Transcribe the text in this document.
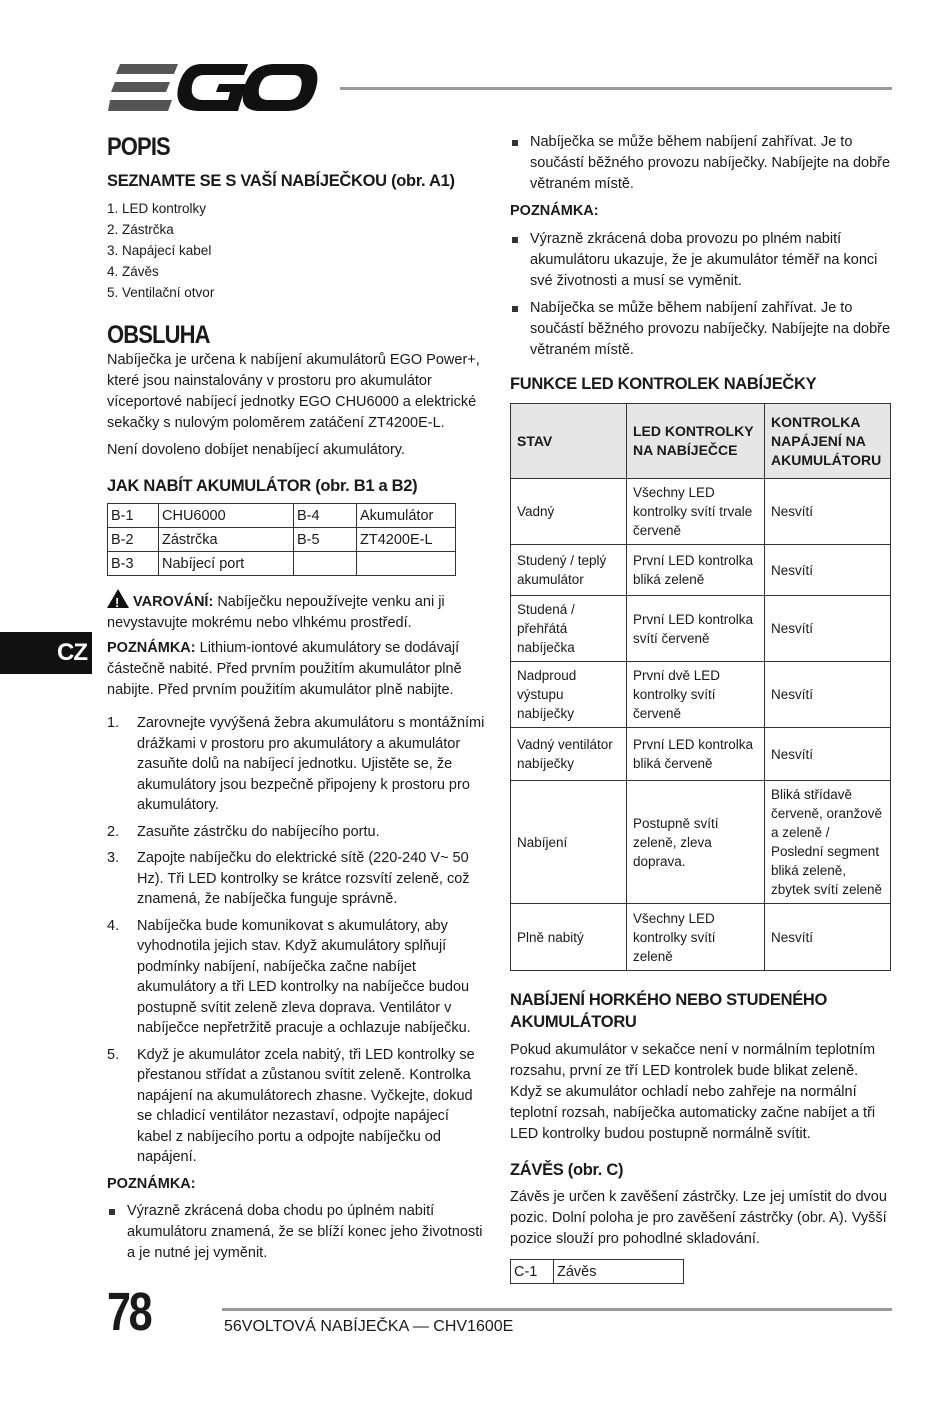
CZ
POPIS
SEZNAMTE SE S VAŠÍ NABÍJEČKOU (obr. A1)
1. LED kontrolky
2. Zástrčka
3. Napájecí kabel
4. Závěs
5. Ventilační otvor
OBSLUHA

Nabíječka je určena k nabíjení akumulátorů EGO Power+, které jsou nainstalovány v prostoru pro akumulátor víceportové nabíjecí jednotky EGO CHU6000 a elektrické sekačky s nulovým poloměrem zatáčení ZT4200E-L.

Není dovoleno dobíjet nenabíjecí akumulátory.

JAK NABÍT AKUMULÁTOR (obr. B1 a B2)
B-1	CHU6000	B-4	Akumulátor
B-2	Zástrčka	B-5	ZT4200E-L
B-3	Nabíjecí port		

!VAROVÁNÍ: Nabíječku nepoužívejte venku ani ji nevystavujte mokrému nebo vlhkému prostředí.

POZNÁMKA: Lithium-iontové akumulátory se dodávají částečně nabité. Před prvním použitím akumulátor plně nabijte. Před prvním použitím akumulátor plně nabijte.

1. Zarovnejte vyvýšená žebra akumulátoru s montážními drážkami v prostoru pro akumulátory a akumulátor zasuňte dolů na nabíjecí jednotku. Ujistěte se, že akumulátory jsou bezpečně připojeny k prostoru pro akumulátory.
2. Zasuňte zástrčku do nabíjecího portu.
3. Zapojte nabíječku do elektrické sítě (220-240 V~ 50 Hz). Tři LED kontrolky se krátce rozsvítí zeleně, což znamená, že nabíječka funguje správně.
4. Nabíječka bude komunikovat s akumulátory, aby vyhodnotila jejich stav. Když akumulátory splňují podmínky nabíjení, nabíječka začne nabíjet akumulátory a tři LED kontrolky na nabíječce budou postupně svítit zeleně zleva doprava. Ventilátor v nabíječce nepřetržitě pracuje a ochlazuje nabíječku.
5. Když je akumulátor zcela nabitý, tři LED kontrolky se přestanou střídat a zůstanou svítit zeleně. Kontrolka napájení na akumulátorech zhasne. Vyčkejte, dokud se chladicí ventilátor nezastaví, odpojte napájecí kabel z nabíjecího portu a odpojte nabíječku od napájení.

POZNÁMKA:

Výrazně zkrácená doba chodu po úplném nabití akumulátoru znamená, že se blíží konec jeho životnosti a je nutné jej vyměnit.
Nabíječka se může během nabíjení zahřívat. Je to součástí běžného provozu nabíječky. Nabíjejte na dobře větraném místě.

POZNÁMKA:

Výrazně zkrácená doba provozu po plném nabití akumulátoru ukazuje, že je akumulátor téměř na konci své životnosti a musí se vyměnit.
Nabíječka se může během nabíjení zahřívat. Je to součástí běžného provozu nabíječky. Nabíjejte na dobře větraném místě.
FUNKCE LED KONTROLEK NABÍJEČKY
STAV	LED KONTROLKY NA NABÍJEČCE	KONTROLKA NAPÁJENÍ NA AKUMULÁTORU
Vadný	Všechny LED kontrolky svítí trvale červeně	Nesvítí
Studený / teplý akumulátor	První LED kontrolka bliká zeleně	Nesvítí
Studená / přehřátá nabíječka	První LED kontrolka svítí červeně	Nesvítí
Nadproud výstupu nabíječky	První dvě LED kontrolky svítí červeně	Nesvítí
Vadný ventilátor nabíječky	První LED kontrolka bliká červeně	Nesvítí
Nabíjení	Postupně svítí zeleně, zleva doprava.	Bliká střídavě červeně, oranžově a zeleně / Poslední segment bliká zeleně, zbytek svítí zeleně
Plně nabitý	Všechny LED kontrolky svítí zeleně	Nesvítí
NABÍJENÍ HORKÉHO NEBO STUDENÉHO AKUMULÁTORU

Pokud akumulátor v sekačce není v normálním teplotním rozsahu, první ze tří LED kontrolek bude blikat zeleně. Když se akumulátor ochladí nebo zahřeje na normální teplotní rozsah, nabíječka automaticky začne nabíjet a tři LED kontrolky budou postupně normálně svítit.

ZÁVĚS (obr. C)

Závěs je určen k zavěšení zástrčky. Lze jej umístit do dvou pozic. Dolní poloha je pro zavěšení zástrčky (obr. A). Vyšší pozice slouží pro pohodlné skladování.

C-1	Závěs
78	56VOLTOVÁ NABÍJEČKA — CHV1600E
